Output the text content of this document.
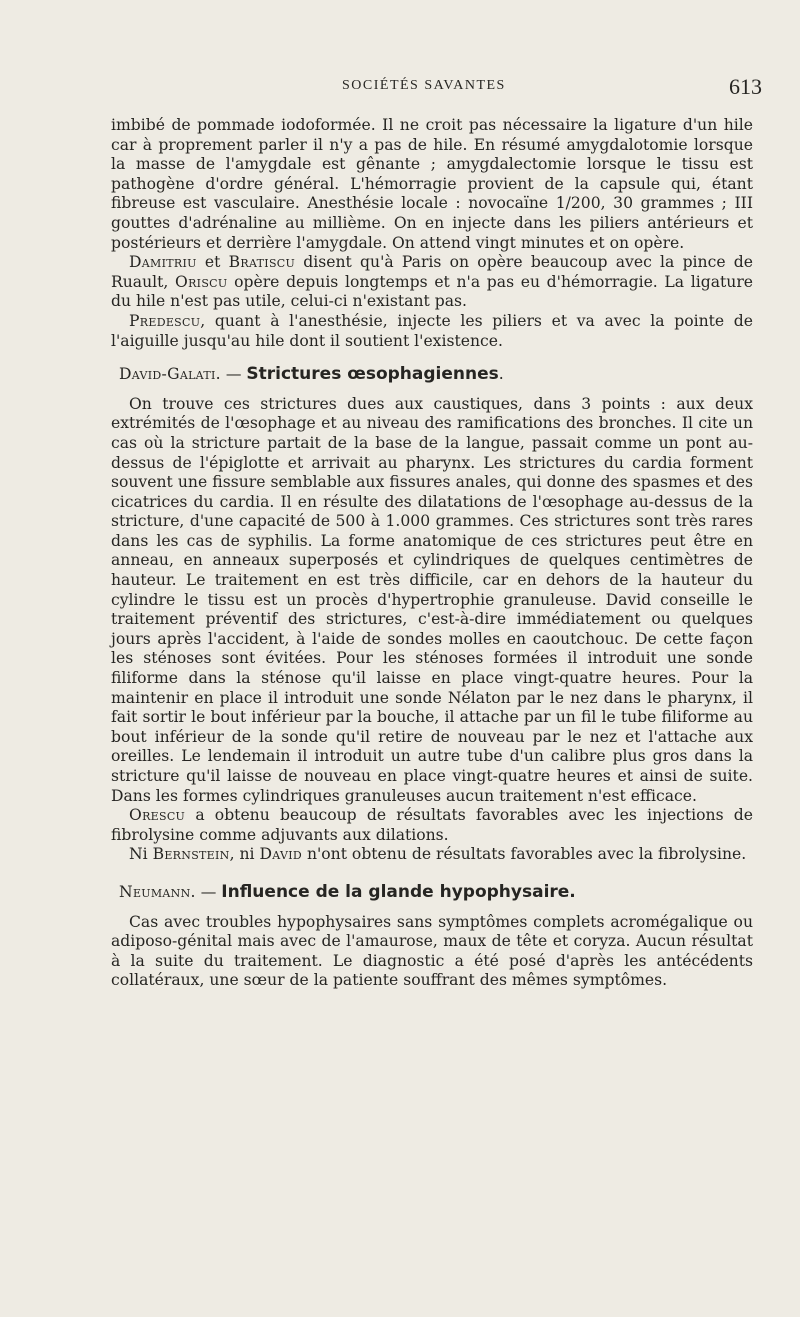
SOCIÉTÉS SAVANTES	613

imbibé de pommade iodoformée. Il ne croit pas nécessaire la ligature d'un hile car à proprement parler il n'y a pas de hile. En résumé amygdalotomie lorsque la masse de l'amygdale est gênante ; amygdalectomie lorsque le tissu est pathogène d'ordre général. L'hémorragie provient de la capsule qui, étant fibreuse est vasculaire. Anesthésie locale : novocaïne 1/200, 30 grammes ; III gouttes d'adrénaline au millième. On en injecte dans les piliers antérieurs et postérieurs et derrière l'amygdale. On attend vingt minutes et on opère.

Damitriu et Bratiscu disent qu'à Paris on opère beaucoup avec la pince de Ruault, Oriscu opère depuis longtemps et n'a pas eu d'hémorragie. La ligature du hile n'est pas utile, celui-ci n'existant pas.

Predescu, quant à l'anesthésie, injecte les piliers et va avec la pointe de l'aiguille jusqu'au hile dont il soutient l'existence.

David-Galati. — Strictures œsophagiennes.

On trouve ces strictures dues aux caustiques, dans 3 points : aux deux extrémités de l'œsophage et au niveau des ramifications des bronches. Il cite un cas où la stricture partait de la base de la langue, passait comme un pont au-dessus de l'épiglotte et arrivait au pharynx. Les strictures du cardia forment souvent une fissure semblable aux fissures anales, qui donne des spasmes et des cicatrices du cardia. Il en résulte des dilatations de l'œsophage au-dessus de la stricture, d'une capacité de 500 à 1.000 grammes. Ces strictures sont très rares dans les cas de syphilis. La forme anatomique de ces strictures peut être en anneau, en anneaux superposés et cylindriques de quelques centimètres de hauteur. Le traitement en est très difficile, car en dehors de la hauteur du cylindre le tissu est un procès d'hypertrophie granuleuse. David conseille le traitement préventif des strictures, c'est-à-dire immédiatement ou quelques jours après l'accident, à l'aide de sondes molles en caoutchouc. De cette façon les sténoses sont évitées. Pour les sténoses formées il introduit une sonde filiforme dans la sténose qu'il laisse en place vingt-quatre heures. Pour la maintenir en place il introduit une sonde Nélaton par le nez dans le pharynx, il fait sortir le bout inférieur par la bouche, il attache par un fil le tube filiforme au bout inférieur de la sonde qu'il retire de nouveau par le nez et l'attache aux oreilles. Le lendemain il introduit un autre tube d'un calibre plus gros dans la stricture qu'il laisse de nouveau en place vingt-quatre heures et ainsi de suite. Dans les formes cylindriques granuleuses aucun traitement n'est efficace.

Orescu a obtenu beaucoup de résultats favorables avec les injections de fibrolysine comme adjuvants aux dilations.

Ni Bernstein, ni David n'ont obtenu de résultats favorables avec la fibrolysine.

Neumann. — Influence de la glande hypophysaire.

Cas avec troubles hypophysaires sans symptômes complets acromégalique ou adiposo-génital mais avec de l'amaurose, maux de tête et coryza. Aucun résultat à la suite du traitement. Le diagnostic a été posé d'après les antécédents collatéraux, une sœur de la patiente souffrant des mêmes symptômes.
